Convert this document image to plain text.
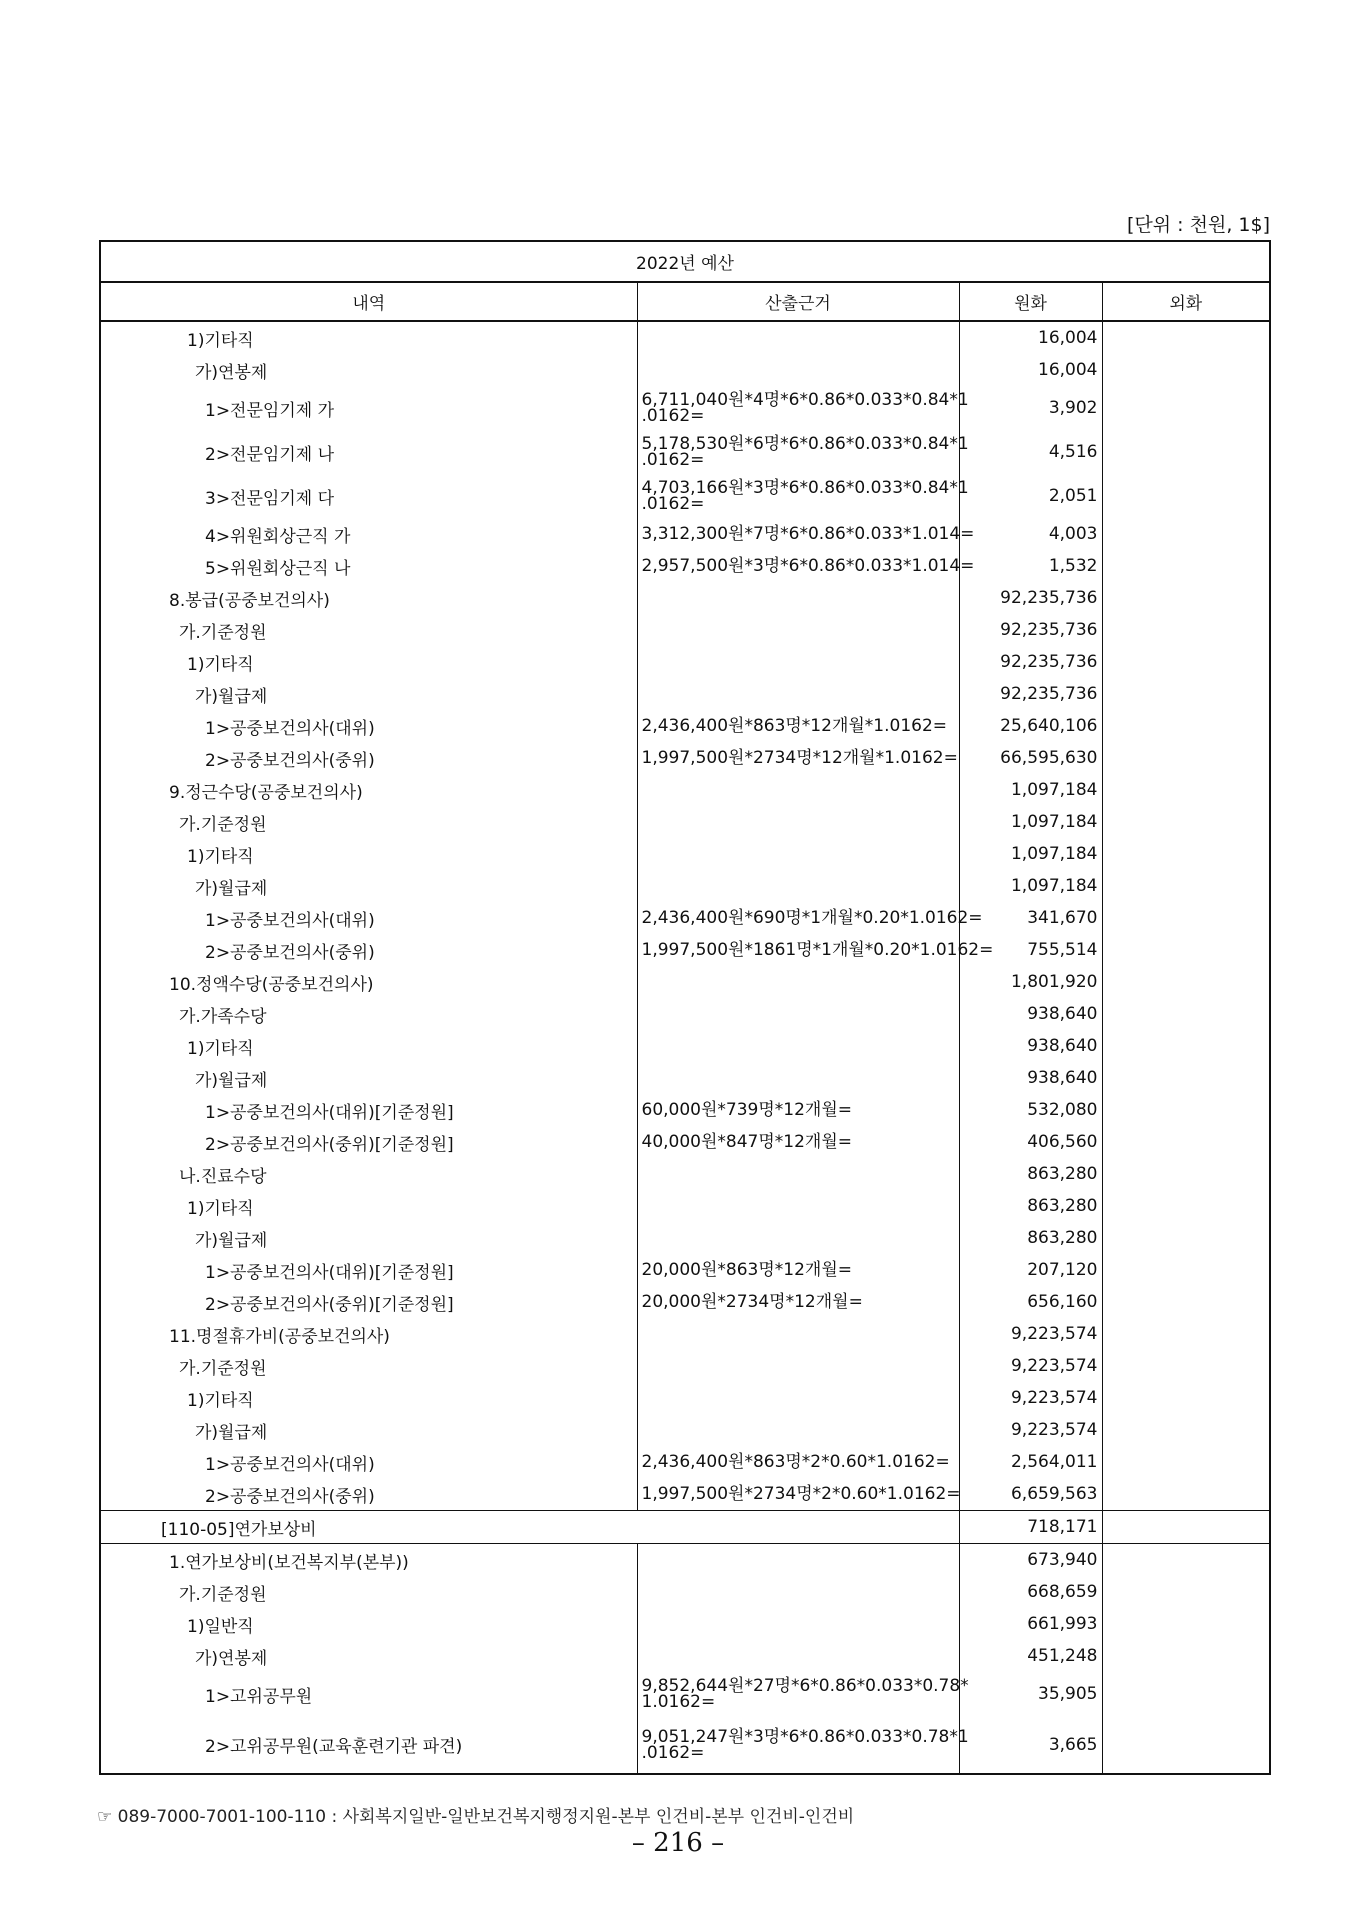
[단위 : 천원, 1$]
2022년 예산			
내역	산출근거	원화	외화
1)기타직		16,004	
가)연봉제		16,004	
1>전문임기제 가	6,711,040원*4명*6*0.86*0.033*0.84*1
.0162=	3,902	
2>전문임기제 나	5,178,530원*6명*6*0.86*0.033*0.84*1
.0162=	4,516	
3>전문임기제 다	4,703,166원*3명*6*0.86*0.033*0.84*1
.0162=	2,051	
4>위원회상근직 가	3,312,300원*7명*6*0.86*0.033*1.014=	4,003	
5>위원회상근직 나	2,957,500원*3명*6*0.86*0.033*1.014=	1,532	
8.봉급(공중보건의사)		92,235,736	
가.기준정원		92,235,736	
1)기타직		92,235,736	
가)월급제		92,235,736	
1>공중보건의사(대위)	2,436,400원*863명*12개월*1.0162=	25,640,106	
2>공중보건의사(중위)	1,997,500원*2734명*12개월*1.0162=	66,595,630	
9.정근수당(공중보건의사)		1,097,184	
가.기준정원		1,097,184	
1)기타직		1,097,184	
가)월급제		1,097,184	
1>공중보건의사(대위)	2,436,400원*690명*1개월*0.20*1.0162=	341,670	
2>공중보건의사(중위)	1,997,500원*1861명*1개월*0.20*1.0162=	755,514	
10.정액수당(공중보건의사)		1,801,920	
가.가족수당		938,640	
1)기타직		938,640	
가)월급제		938,640	
1>공중보건의사(대위)[기준정원]	60,000원*739명*12개월=	532,080	
2>공중보건의사(중위)[기준정원]	40,000원*847명*12개월=	406,560	
나.진료수당		863,280	
1)기타직		863,280	
가)월급제		863,280	
1>공중보건의사(대위)[기준정원]	20,000원*863명*12개월=	207,120	
2>공중보건의사(중위)[기준정원]	20,000원*2734명*12개월=	656,160	
11.명절휴가비(공중보건의사)		9,223,574	
가.기준정원		9,223,574	
1)기타직		9,223,574	
가)월급제		9,223,574	
1>공중보건의사(대위)	2,436,400원*863명*2*0.60*1.0162=	2,564,011	
2>공중보건의사(중위)	1,997,500원*2734명*2*0.60*1.0162=	6,659,563	
[110-05]연가보상비		718,171	
1.연가보상비(보건복지부(본부))		673,940	
가.기준정원		668,659	
1)일반직		661,993	
가)연봉제		451,248	
1>고위공무원	9,852,644원*27명*6*0.86*0.033*0.78*
1.0162=	35,905	
2>고위공무원(교육훈련기관 파견)	9,051,247원*3명*6*0.86*0.033*0.78*1
.0162=	3,665	
☞ 089-7000-7001-100-110 : 사회복지일반-일반보건복지행정지원-본부 인건비-본부 인건비-인건비
– 216 –
